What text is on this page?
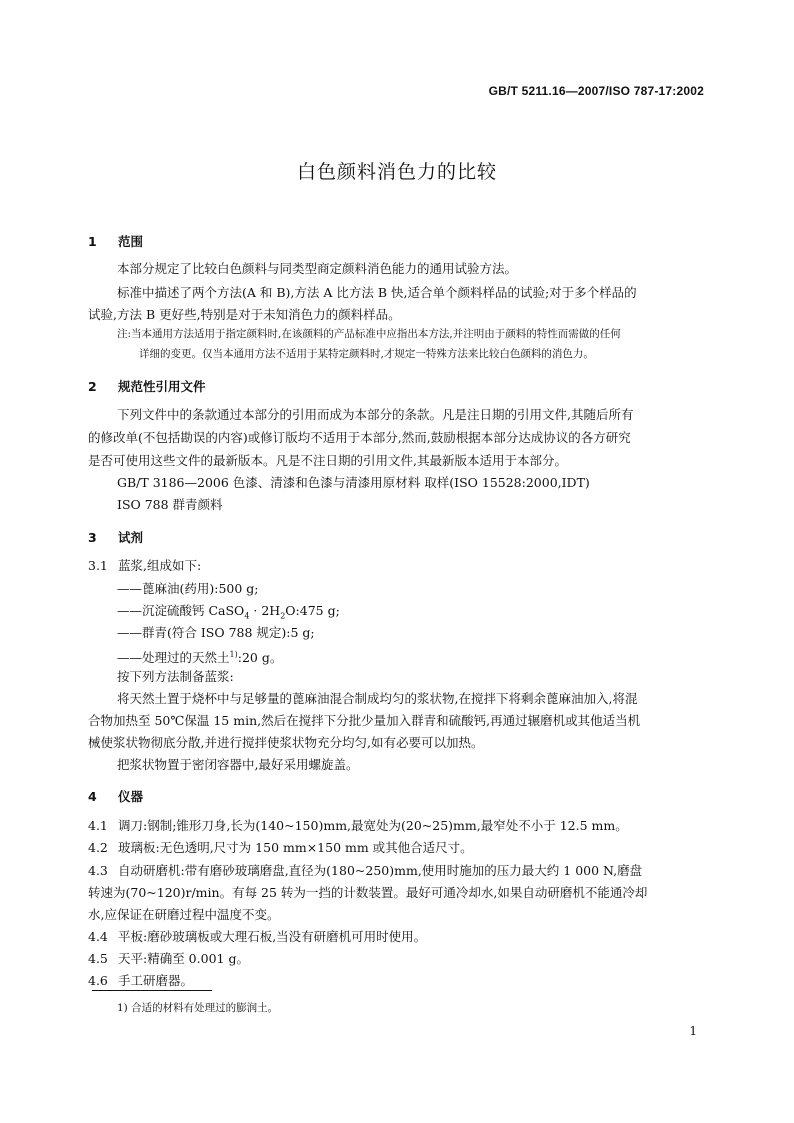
GB/T 5211.16—2007/ISO 787-17:2002
白色颜料消色力的比较
1 范围
本部分规定了比较白色颜料与同类型商定颜料消色能力的通用试验方法。
标准中描述了两个方法(A 和 B),方法 A 比方法 B 快,适合单个颜料样品的试验;对于多个样品的
试验,方法 B 更好些,特别是对于未知消色力的颜料样品。
注:当本通用方法适用于指定颜料时,在该颜料的产品标准中应指出本方法,并注明由于颜料的特性而需做的任何
详细的变更。仅当本通用方法不适用于某特定颜料时,才规定一特殊方法来比较白色颜料的消色力。
2 规范性引用文件
下列文件中的条款通过本部分的引用而成为本部分的条款。凡是注日期的引用文件,其随后所有
的修改单(不包括勘误的内容)或修订版均不适用于本部分,然而,鼓励根据本部分达成协议的各方研究
是否可使用这些文件的最新版本。凡是不注日期的引用文件,其最新版本适用于本部分。
GB/T 3186—2006 色漆、清漆和色漆与清漆用原材料 取样(ISO 15528:2000,IDT)
ISO 788 群青颜料
3 试剂
3.1 蓝浆,组成如下:
——蓖麻油(药用):500 g;
——沉淀硫酸钙 CaSO$_4$ · $2H_2O:475$ g;
——群青(符合 ISO 788 规定):5 g;
——处理过的天然土$^{1)}$:20 g。
按下列方法制备蓝浆:
将天然土置于烧杯中与足够量的蓖麻油混合制成均匀的浆状物,在搅拌下将剩余蓖麻油加入,将混
合物加热至 50℃保温 15 min,然后在搅拌下分批少量加入群青和硫酸钙,再通过辗磨机或其他适当机
械使浆状物彻底分散,并进行搅拌使浆状物充分均匀,如有必要可以加热。
把浆状物置于密闭容器中,最好采用螺旋盖。
4 仪器
4.1 调刀:钢制;锥形刀身,长为(140~150)mm,最宽处为(20~25)mm,最窄处不小于 12.5 mm。
4.2 玻璃板:无色透明,尺寸为 150 mm×150 mm 或其他合适尺寸。
4.3 自动研磨机:带有磨砂玻璃磨盘,直径为(180~250)mm,使用时施加的压力最大约 1 000 N,磨盘
转速为(70~120)r/min。有每 25 转为一挡的计数装置。最好可通冷却水,如果自动研磨机不能通冷却
水,应保证在研磨过程中温度不变。
4.4 平板:磨砂玻璃板或大理石板,当没有研磨机可用时使用。
4.5 天平:精确至 0.001 g。
4.6 手工研磨器。
1) 合适的材料有处理过的膨润土。
1
